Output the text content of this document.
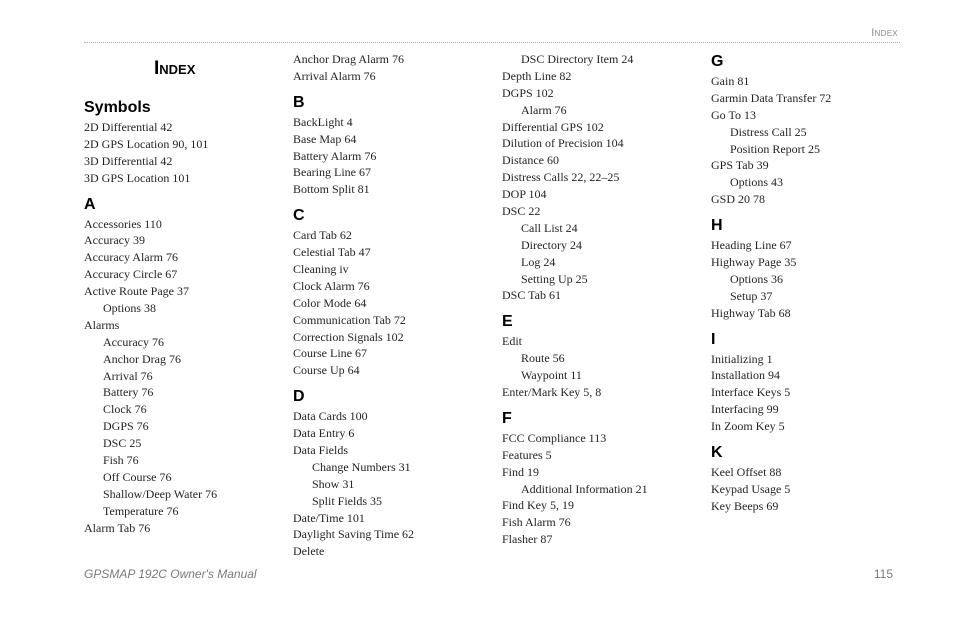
Index
Index
Symbols
2D Differential 42
2D GPS Location 90, 101
3D Differential 42
3D GPS Location 101
A
Accessories 110
Accuracy 39
Accuracy Alarm 76
Accuracy Circle 67
Active Route Page 37
Options 38
Alarms
Accuracy 76
Anchor Drag 76
Arrival 76
Battery 76
Clock 76
DGPS 76
DSC 25
Fish 76
Off Course 76
Shallow/Deep Water 76
Temperature 76
Alarm Tab 76
Anchor Drag Alarm 76
Arrival Alarm 76
B
BackLight 4
Base Map 64
Battery Alarm 76
Bearing Line 67
Bottom Split 81
C
Card Tab 62
Celestial Tab 47
Cleaning iv
Clock Alarm 76
Color Mode 64
Communication Tab 72
Correction Signals 102
Course Line 67
Course Up 64
D
Data Cards 100
Data Entry 6
Data Fields
Change Numbers 31
Show 31
Split Fields 35
Date/Time 101
Daylight Saving Time 62
Delete
DSC Directory Item 24
Depth Line 82
DGPS 102
Alarm 76
Differential GPS 102
Dilution of Precision 104
Distance 60
Distress Calls 22, 22–25
DOP 104
DSC 22
Call List 24
Directory 24
Log 24
Setting Up 25
DSC Tab 61
E
Edit
Route 56
Waypoint 11
Enter/Mark Key 5, 8
F
FCC Compliance 113
Features 5
Find 19
Additional Information 21
Find Key 5, 19
Fish Alarm 76
Flasher 87
G
Gain 81
Garmin Data Transfer 72
Go To 13
Distress Call 25
Position Report 25
GPS Tab 39
Options 43
GSD 20 78
H
Heading Line 67
Highway Page 35
Options 36
Setup 37
Highway Tab 68
I
Initializing 1
Installation 94
Interface Keys 5
Interfacing 99
In Zoom Key 5
K
Keel Offset 88
Keypad Usage 5
Key Beeps 69
GPSMAP 192C Owner's Manual	115
